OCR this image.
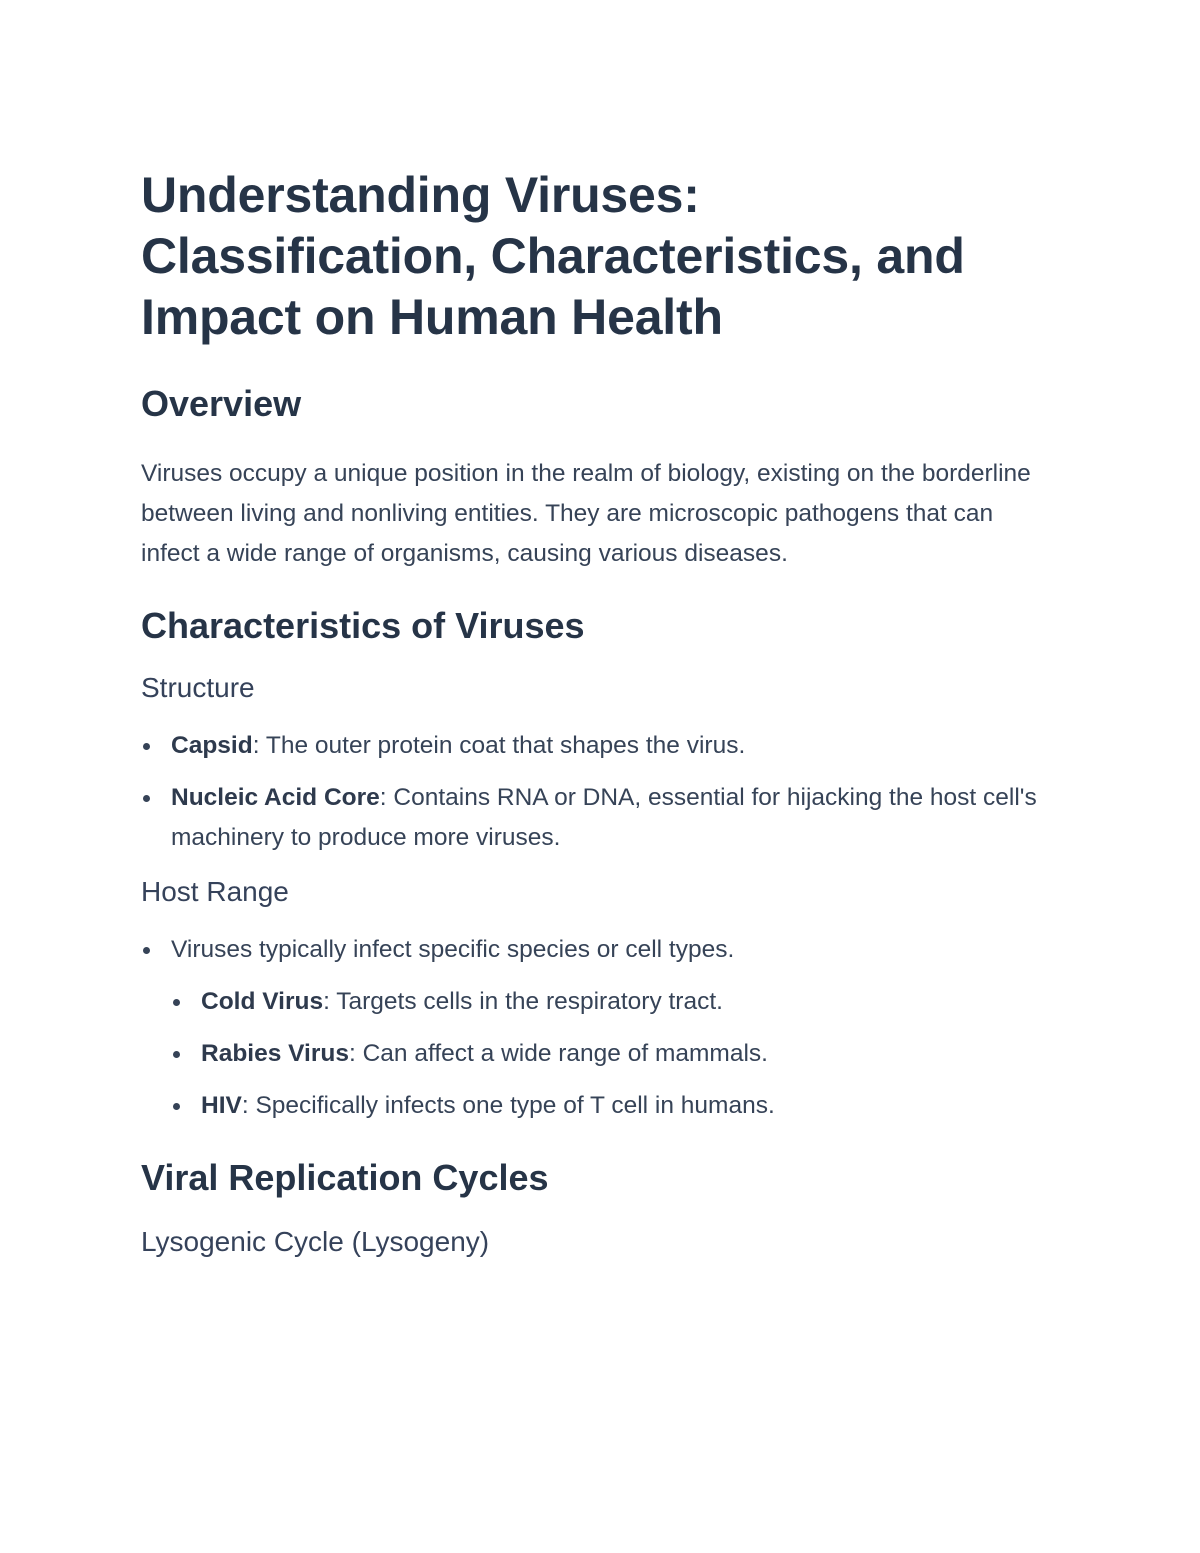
Understanding Viruses: Classification, Characteristics, and Impact on Human Health
Overview

Viruses occupy a unique position in the realm of biology, existing on the borderline between living and nonliving entities. They are microscopic pathogens that can infect a wide range of organisms, causing various diseases.

Characteristics of Viruses
Structure
Capsid: The outer protein coat that shapes the virus.
Nucleic Acid Core: Contains RNA or DNA, essential for hijacking the host cell's machinery to produce more viruses.
Host Range
Viruses typically infect specific species or cell types.
Cold Virus: Targets cells in the respiratory tract.
Rabies Virus: Can affect a wide range of mammals.
HIV: Specifically infects one type of T cell in humans.
Viral Replication Cycles
Lysogenic Cycle (Lysogeny)
